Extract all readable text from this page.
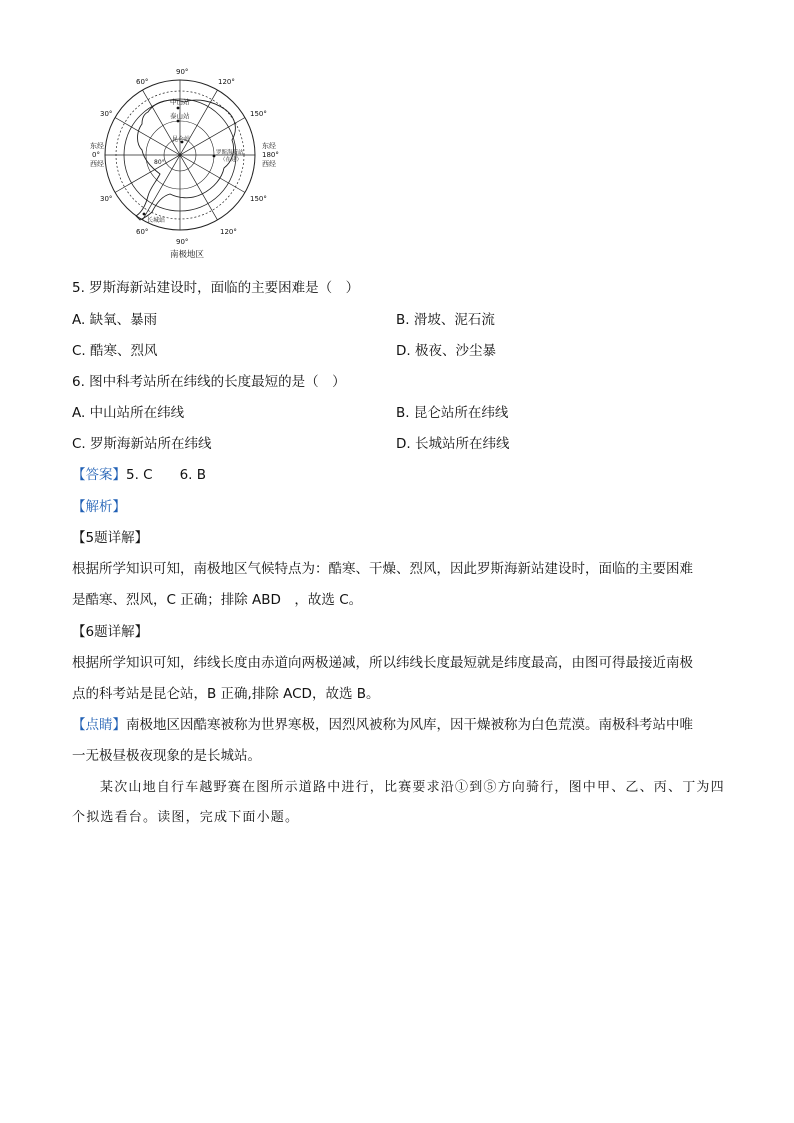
90°
60°	120°
30°	150°
东经
0°
西经
东经
180°
西经
30°	150°
60°	120°
90°
中山站
泰山站
昆仑站
罗斯海新站
（在建）
长城站
80°
南极地区
5. 罗斯海新站建设时，面临的主要困难是（　）
A. 缺氧、暴雨	B. 滑坡、泥石流
C. 酷寒、烈风	D. 极夜、沙尘暴
6. 图中科考站所在纬线的长度最短的是（　）
A. 中山站所在纬线	B. 昆仑站所在纬线
C. 罗斯海新站所在纬线	D. 长城站所在纬线
【答案】5. C　　6. B
【解析】
【5题详解】
根据所学知识可知，南极地区气候特点为：酷寒、干燥、烈风，因此罗斯海新站建设时，面临的主要困难
是酷寒、烈风，C 正确；排除 ABD　，故选 C。
【6题详解】
根据所学知识可知，纬线长度由赤道向两极递减，所以纬线长度最短就是纬度最高，由图可得最接近南极
点的科考站是昆仑站，B 正确,排除 ACD，故选 B。
【点睛】南极地区因酷寒被称为世界寒极，因烈风被称为风库，因干燥被称为白色荒漠。南极科考站中唯
一无极昼极夜现象的是长城站。
某次山地自行车越野赛在图所示道路中进行，比赛要求沿①到⑤方向骑行，图中甲、乙、丙、丁为四
个拟选看台。读图，完成下面小题。
